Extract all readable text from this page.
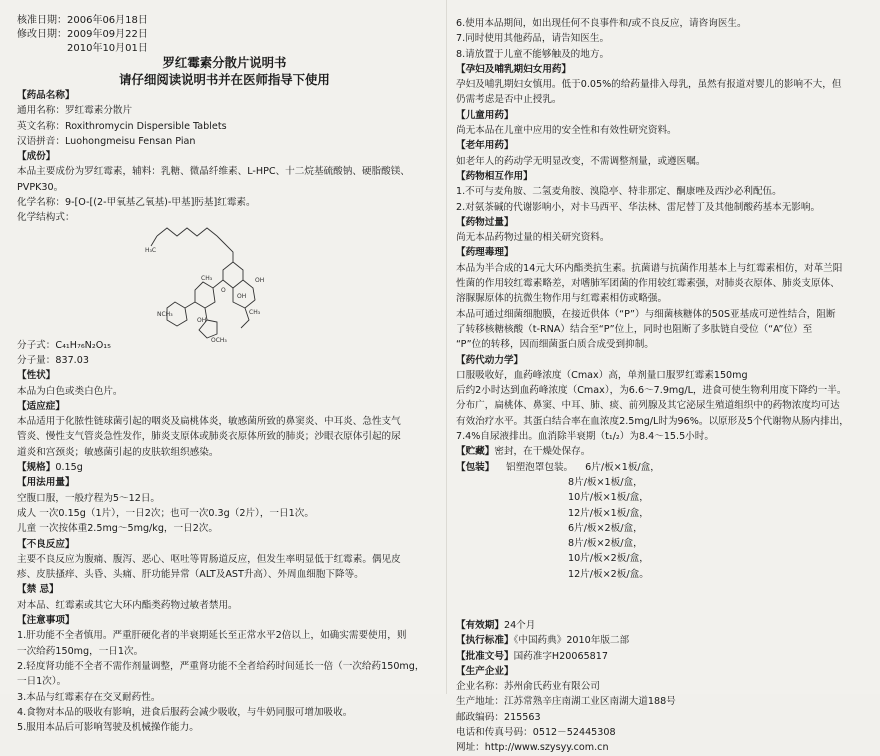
核准日期：2006年06月18日
修改日期：2009年09月22日
2010年10月01日
罗红霉素分散片说明书
请仔细阅读说明书并在医师指导下使用
【药品名称】
通用名称：罗红霉素分散片
英文名称：Roxithromycin Dispersible Tablets
汉语拼音：Luohongmeisu Fensan Pian
【成份】
本品主要成份为罗红霉素，辅料：乳糖、微晶纤维素、L-HPC、十二烷基硫酸钠、硬脂酸镁、
PVPK30。
化学名称：9-[O-[(2-甲氧基乙氧基)-甲基]肟基]红霉素。
化学结构式：
H₃C
CH₃
OH
NCH₃
OH
CH₃
OCH₃
O
OH
分子式：C₄₁H₇₆N₂O₁₅
分子量：837.03
【性状】
本品为白色或类白色片。
【适应症】
本品适用于化脓性链球菌引起的咽炎及扁桃体炎，敏感菌所致的鼻窦炎、中耳炎、急性支气
管炎、慢性支气管炎急性发作，肺炎支原体或肺炎衣原体所致的肺炎；沙眼衣原体引起的尿
道炎和宫颈炎；敏感菌引起的皮肤软组织感染。
【规格】0.15g
【用法用量】
空腹口服，一般疗程为5～12日。
成人 一次0.15g（1片），一日2次；也可一次0.3g（2片），一日1次。
儿童 一次按体重2.5mg～5mg/kg，一日2次。
【不良反应】
主要不良反应为腹痛、腹泻、恶心、呕吐等胃肠道反应，但发生率明显低于红霉素。偶见皮
疹、皮肤搔痒、头昏、头痛、肝功能异常（ALT及AST升高）、外周血细胞下降等。
【禁 忌】
对本品、红霉素或其它大环内酯类药物过敏者禁用。
【注意事项】
1.肝功能不全者慎用。严重肝硬化者的半衰期延长至正常水平2倍以上，如确实需要使用，则
一次给药150mg，一日1次。
2.轻度肾功能不全者不需作剂量调整，严重肾功能不全者给药时间延长一倍（一次给药150mg，
一日1次）。
3.本品与红霉素存在交叉耐药性。
4.食物对本品的吸收有影响，进食后服药会减少吸收，与牛奶同服可增加吸收。
5.服用本品后可影响驾驶及机械操作能力。
6.使用本品期间，如出现任何不良事件和/或不良反应，请咨询医生。
7.同时使用其他药品，请告知医生。
8.请放置于儿童不能够触及的地方。
【孕妇及哺乳期妇女用药】
孕妇及哺乳期妇女慎用。低于0.05%的给药量排入母乳，虽然有报道对婴儿的影响不大，但
仍需考虑是否中止授乳。
【儿童用药】
尚无本品在儿童中应用的安全性和有效性研究资料。
【老年用药】
如老年人的药动学无明显改变，不需调整剂量，或遵医嘱。
【药物相互作用】
1.不可与麦角胺、二氢麦角胺、溴隐亭、特非那定、酮康唑及西沙必利配伍。
2.对氨茶碱的代谢影响小，对卡马西平、华法林、雷尼替丁及其他制酸药基本无影响。
【药物过量】
尚无本品药物过量的相关研究资料。
【药理毒理】
本品为半合成的14元大环内酯类抗生素。抗菌谱与抗菌作用基本上与红霉素相仿，对革兰阳
性菌的作用较红霉素略差，对嗜肺军团菌的作用较红霉素强，对肺炎衣原体、肺炎支原体、
溶脲脲原体的抗微生物作用与红霉素相仿或略强。
本品可通过细菌细胞膜，在接近供体（“P”）与细菌核糖体的50S亚基成可逆性结合，阻断
了转移核糖核酸（t-RNA）结合至“P”位上，同时也阻断了多肽链自受位（“A”位）至
“P”位的转移，因而细菌蛋白质合成受到抑制。
【药代动力学】
口服吸收好，血药峰浓度（Cmax）高，单剂量口服罗红霉素150mg
后约2小时达到血药峰浓度（Cmax），为6.6～7.9mg/L，进食可使生物利用度下降约一半。
分布广，扁桃体、鼻窦、中耳、肺、痰、前列腺及其它泌尿生殖道组织中的药物浓度均可达
有效治疗水平。其蛋白结合率在血浓度2.5mg/L时为96%。以原形及5个代谢物从肠内排出，
7.4%自尿液排出。血消除半衰期（t₁/₂）为8.4～15.5小时。
【贮藏】密封，在干燥处保存。
【包装】	铝塑泡罩包装。	6片/板×1板/盒，
8片/板×1板/盒，
10片/板×1板/盒，
12片/板×1板/盒，
6片/板×2板/盒，
8片/板×2板/盒，
10片/板×2板/盒，
12片/板×2板/盒。
【有效期】24个月
【执行标准】《中国药典》2010年版二部
【批准文号】国药准字H20065817
【生产企业】
企业名称：苏州俞氏药业有限公司
生产地址：江苏常熟辛庄南湖工业区南湖大道188号
邮政编码：215563
电话和传真号码：0512－52445308
网址：http://www.szysyy.com.cn
